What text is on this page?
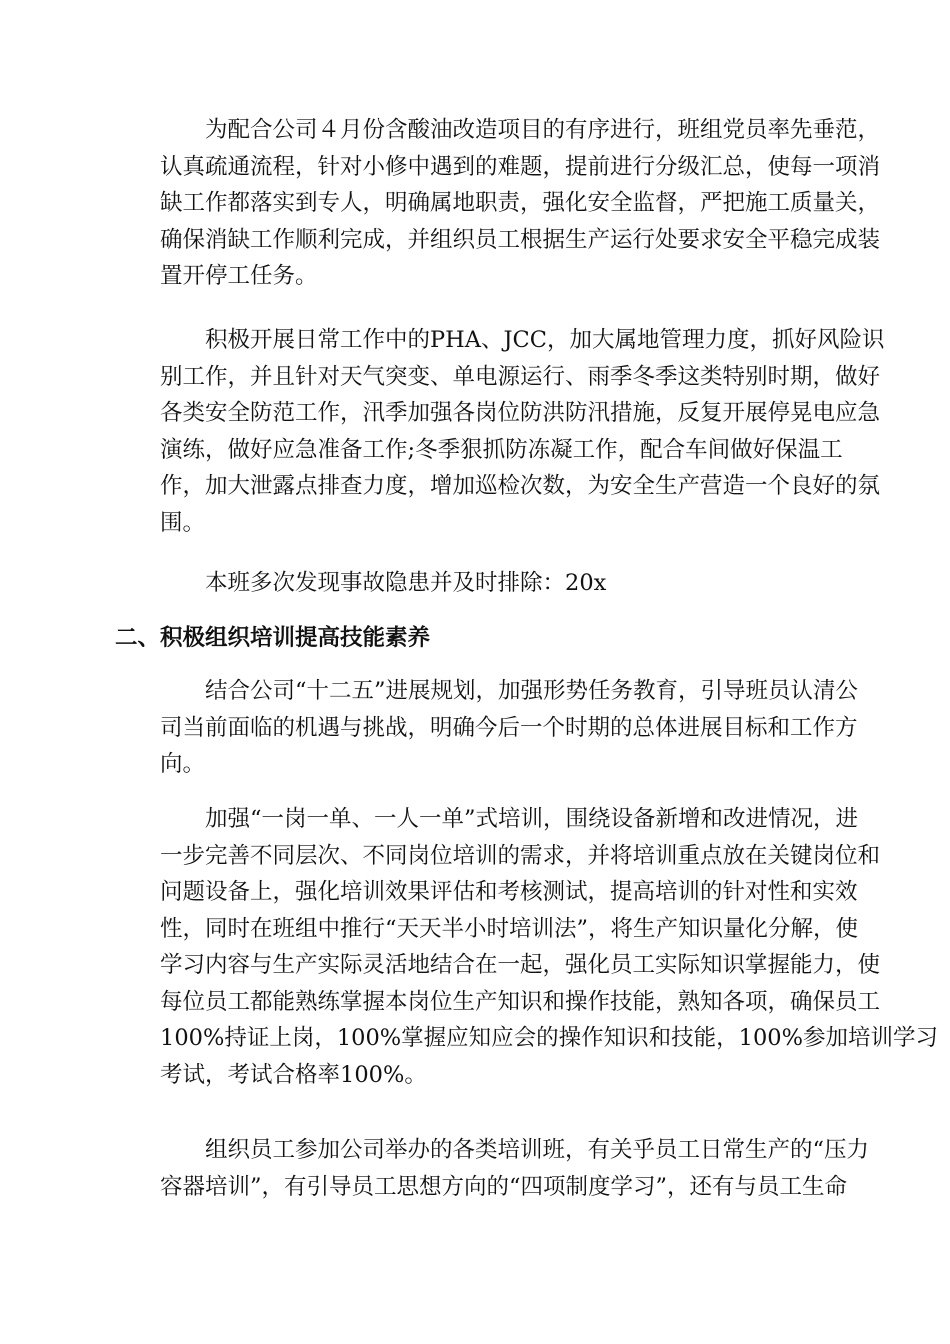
为配合公司４月份含酸油改造项目的有序进行，班组党员率先垂范，
认真疏通流程，针对小修中遇到的难题，提前进行分级汇总，使每一项消
缺工作都落实到专人，明确属地职责，强化安全监督，严把施工质量关，
确保消缺工作顺利完成，并组织员工根据生产运行处要求安全平稳完成装
置开停工任务。
积极开展日常工作中的PHA、JCC，加大属地管理力度，抓好风险识
别工作，并且针对天气突变、单电源运行、雨季冬季这类特别时期，做好
各类安全防范工作，汛季加强各岗位防洪防汛措施，反复开展停晃电应急
演练，做好应急准备工作;冬季狠抓防冻凝工作，配合车间做好保温工
作，加大泄露点排查力度，增加巡检次数，为安全生产营造一个良好的氛
围。
本班多次发现事故隐患并及时排除：20x
二、积极组织培训提高技能素养
结合公司“十二五”进展规划，加强形势任务教育，引导班员认清公
司当前面临的机遇与挑战，明确今后一个时期的总体进展目标和工作方
向。
加强“一岗一单、一人一单”式培训，围绕设备新增和改进情况，进
一步完善不同层次、不同岗位培训的需求，并将培训重点放在关键岗位和
问题设备上，强化培训效果评估和考核测试，提高培训的针对性和实效
性，同时在班组中推行“天天半小时培训法”，将生产知识量化分解，使
学习内容与生产实际灵活地结合在一起，强化员工实际知识掌握能力，使
每位员工都能熟练掌握本岗位生产知识和操作技能，熟知各项，确保员工
100%持证上岗，100%掌握应知应会的操作知识和技能，100%参加培训学习
考试，考试合格率100%。
组织员工参加公司举办的各类培训班，有关乎员工日常生产的“压力
容器培训”，有引导员工思想方向的“四项制度学习”，还有与员工生命
